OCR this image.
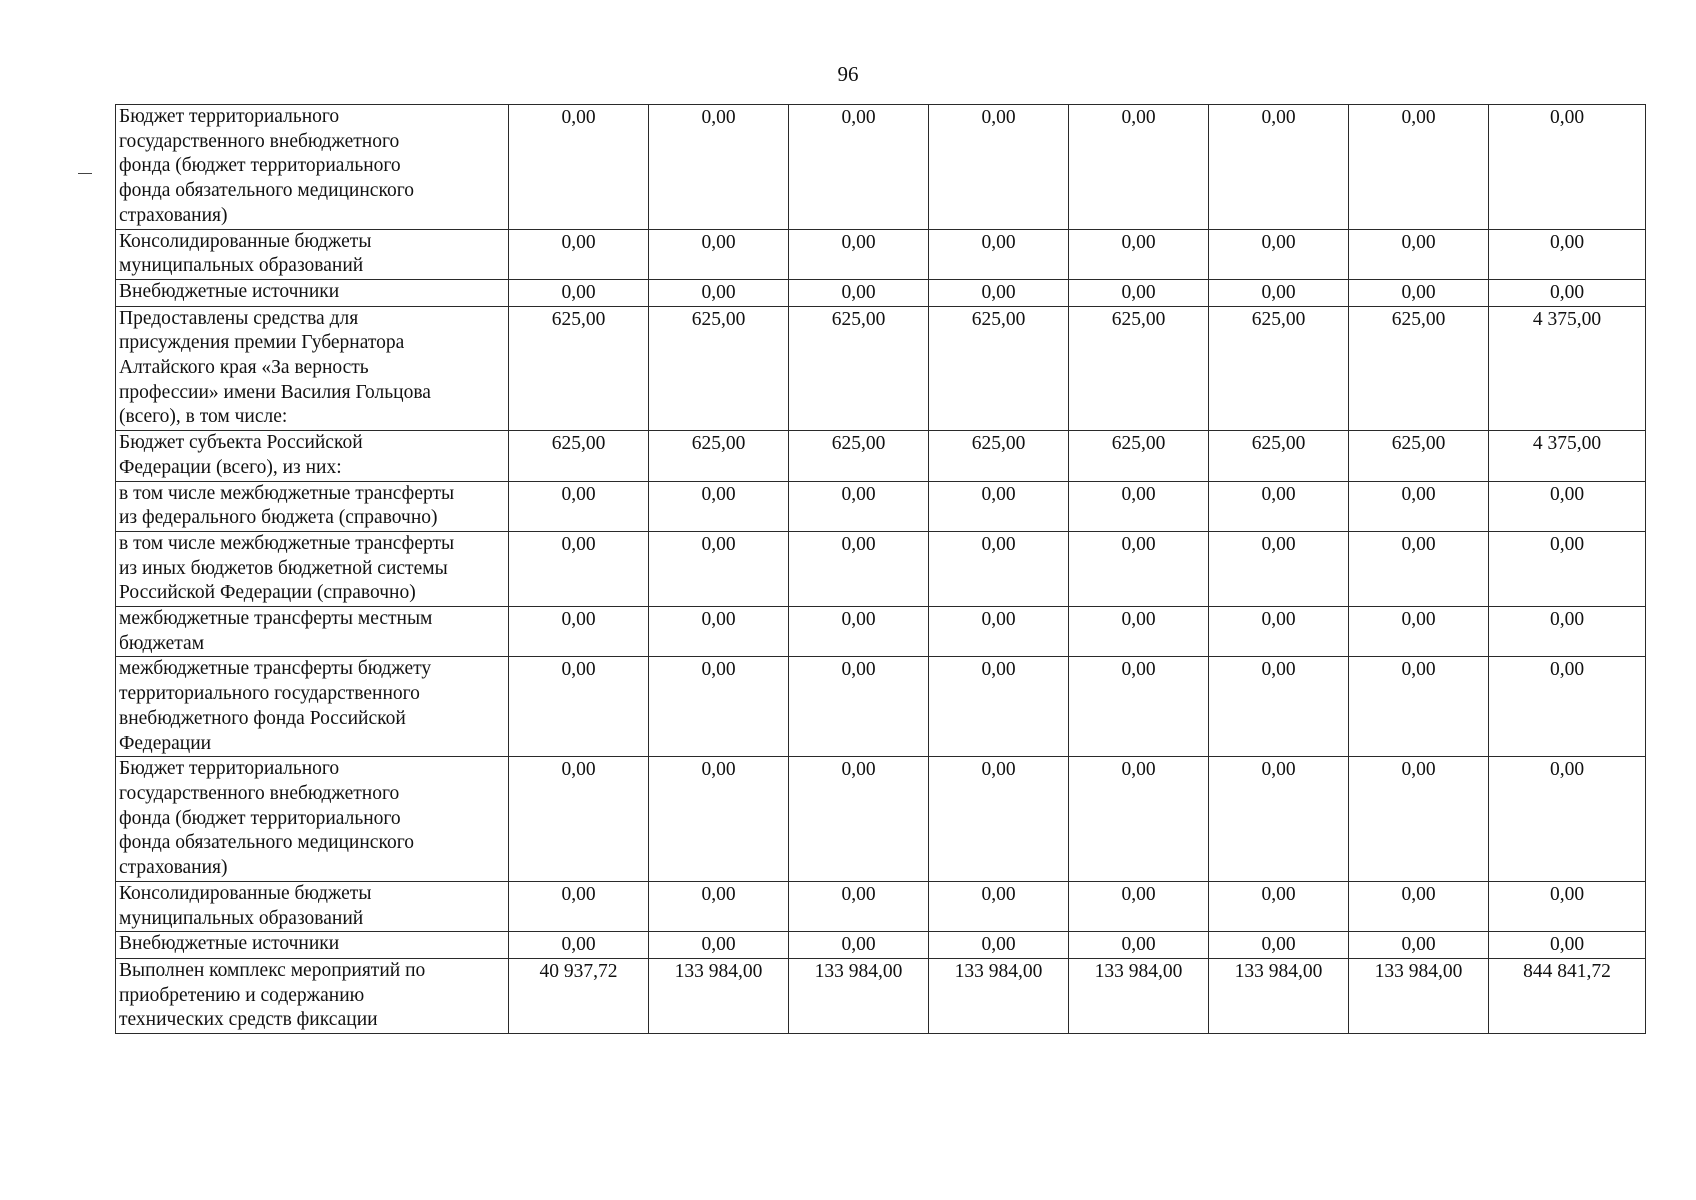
96
Бюджет территориального
государственного внебюджетного
фонда (бюджет территориального
фонда обязательного медицинского
страхования)	0,00	0,00	0,00	0,00	0,00	0,00	0,00	0,00

Консолидированные бюджеты
муниципальных образований	0,00	0,00	0,00	0,00	0,00	0,00	0,00	0,00

Внебюджетные источники	0,00	0,00	0,00	0,00	0,00	0,00	0,00	0,00

Предоставлены средства для
присуждения премии Губернатора
Алтайского края «За верность
профессии» имени Василия Гольцова
(всего), в том числе:	625,00	625,00	625,00	625,00	625,00	625,00	625,00	4 375,00

Бюджет субъекта Российской
Федерации (всего), из них:	625,00	625,00	625,00	625,00	625,00	625,00	625,00	4 375,00

в том числе межбюджетные трансферты
из федерального бюджета (справочно)	0,00	0,00	0,00	0,00	0,00	0,00	0,00	0,00

в том числе межбюджетные трансферты
из иных бюджетов бюджетной системы
Российской Федерации (справочно)	0,00	0,00	0,00	0,00	0,00	0,00	0,00	0,00

межбюджетные трансферты местным
бюджетам	0,00	0,00	0,00	0,00	0,00	0,00	0,00	0,00

межбюджетные трансферты бюджету
территориального государственного
внебюджетного фонда Российской
Федерации	0,00	0,00	0,00	0,00	0,00	0,00	0,00	0,00

Бюджет территориального
государственного внебюджетного
фонда (бюджет территориального
фонда обязательного медицинского
страхования)	0,00	0,00	0,00	0,00	0,00	0,00	0,00	0,00

Консолидированные бюджеты
муниципальных образований	0,00	0,00	0,00	0,00	0,00	0,00	0,00	0,00

Внебюджетные источники	0,00	0,00	0,00	0,00	0,00	0,00	0,00	0,00

Выполнен комплекс мероприятий по
приобретению и содержанию
технических средств фиксации	40 937,72	133 984,00	133 984,00	133 984,00	133 984,00	133 984,00	133 984,00	844 841,72
